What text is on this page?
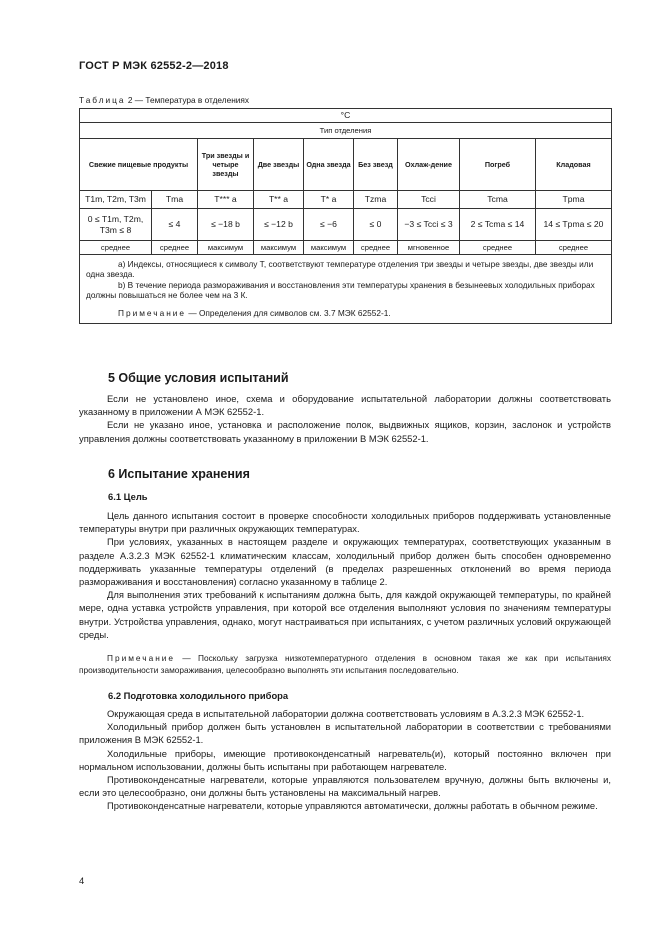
ГОСТ Р МЭК 62552-2—2018
Таблица 2 — Температура в отделениях
°C								
Тип отделения								
Свежие пищевые продукты		Три звезды и четыре звезды	Две звезды	Одна звезда	Без звезд	Охлаж-дение	Погреб	Кладовая
T1m, T2m, T3m	Tma	T*** a	T** a	T* a	Tzma	Tcci	Tcma	Tpma
0 ≤ T1m, T2m, T3m ≤ 8	≤ 4	≤ −18 b	≤ −12 b	≤ −6	≤ 0	−3 ≤ Tcci ≤ 3	2 ≤ Tcma ≤ 14	14 ≤ Tpma ≤ 20
среднее	среднее	максимум	максимум	максимум	среднее	мгновенное	среднее	среднее

a) Индексы, относящиеся к символу T, соответствуют температуре отделения три звезды и четыре звезды, две звезды или одна звезда.
b) В течение периода размораживания и восстановления эти температуры хранения в безынеевых холодильных приборах должны повышаться не более чем на 3 К.
Примечание — Определения для символов см. 3.7 МЭК 62552-1.								
5 Общие условия испытаний

Если не установлено иное, схема и оборудование испытательной лаборатории должны соответствовать указанному в приложении А МЭК 62552-1.

Если не указано иное, установка и расположение полок, выдвижных ящиков, корзин, заслонок и устройств управления должны соответствовать указанному в приложении В МЭК 62552-1.

6 Испытание хранения
6.1 Цель

Цель данного испытания состоит в проверке способности холодильных приборов поддерживать установленные температуры внутри при различных окружающих температурах.

При условиях, указанных в настоящем разделе и окружающих температурах, соответствующих указанным в разделе А.3.2.3 МЭК 62552-1 климатическим классам, холодильный прибор должен быть способен одновременно поддерживать указанные температуры отделений (в пределах разрешенных отклонений во время периода размораживания и восстановления) согласно указанному в таблице 2.

Для выполнения этих требований к испытаниям должна быть, для каждой окружающей температуры, по крайней мере, одна уставка устройств управления, при которой все отделения выполняют условия по значениям температуры внутри. Устройства управления, однако, могут настраиваться при испытаниях, с учетом различных условий окружающей среды.

Примечание — Поскольку загрузка низкотемпературного отделения в основном такая же как при испытаниях производительности замораживания, целесообразно выполнять эти испытания последовательно.

6.2 Подготовка холодильного прибора

Окружающая среда в испытательной лаборатории должна соответствовать условиям в А.3.2.3 МЭК 62552-1.

Холодильный прибор должен быть установлен в испытательной лаборатории в соответствии с требованиями приложения В МЭК 62552-1.

Холодильные приборы, имеющие противоконденсатный нагреватель(и), который постоянно включен при нормальном использовании, должны быть испытаны при работающем нагревателе.

Противоконденсатные нагреватели, которые управляются пользователем вручную, должны быть включены и, если это целесообразно, они должны быть установлены на максимальный нагрев.

Противоконденсатные нагреватели, которые управляются автоматически, должны работать в обычном режиме.

4
